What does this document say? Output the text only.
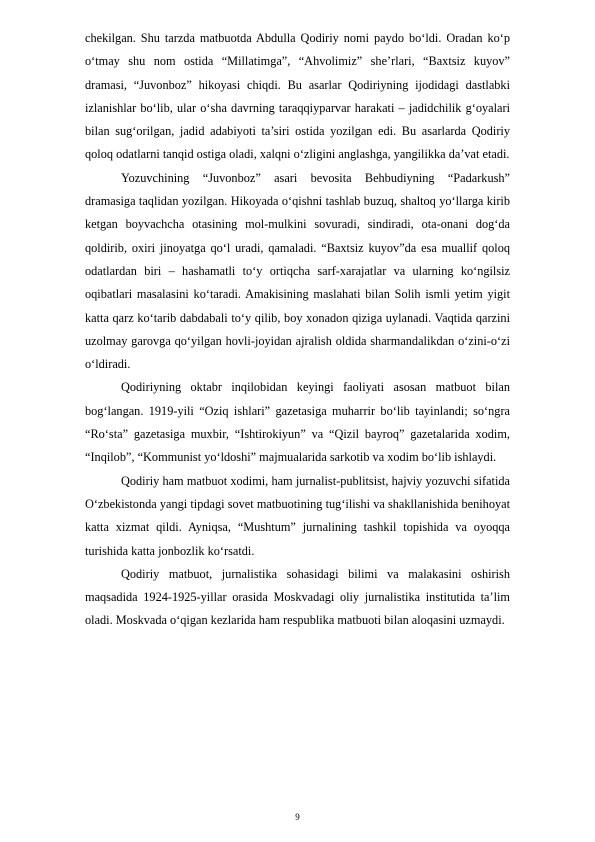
chekilgan. Shu tarzda matbuotda Abdulla Qodiriy nomi paydo boʻldi. Oradan koʻp oʻtmay shu nom ostida “Millatimga”, “Ahvolimiz” she’rlari, “Baxtsiz kuyov” dramasi, “Juvonboz” hikoyasi chiqdi. Bu asarlar Qodiriyning ijodidagi dastlabki izlanishlar boʻlib, ular oʻsha davrning taraqqiyparvar harakati – jadidchilik gʻoyalari bilan sugʻorilgan, jadid adabiyoti ta’siri ostida yozilgan edi. Bu asarlarda Qodiriy qoloq odatlarni tanqid ostiga oladi, xalqni oʻzligini anglashga, yangilikka da’vat etadi.

Yozuvchining “Juvonboz” asari bevosita Behbudiyning “Padarkush” dramasiga taqlidan yozilgan. Hikoyada oʻqishni tashlab buzuq, shaltoq yoʻllarga kirib ketgan boyvachcha otasining mol-mulkini sovuradi, sindiradi, ota-onani dogʻda qoldirib, oxiri jinoyatga qoʻl uradi, qamaladi. “Baxtsiz kuyov”da esa muallif qoloq odatlardan biri – hashamatli toʻy ortiqcha sarf-xarajatlar va ularning koʻngilsiz oqibatlari masalasini koʻtaradi. Amakisining maslahati bilan Solih ismli yetim yigit katta qarz koʻtarib dabdabali toʻy qilib, boy xonadon qiziga uylanadi. Vaqtida qarzini uzolmay garovga qoʻyilgan hovli-joyidan ajralish oldida sharmandalikdan oʻzini-oʻzi oʻldiradi.

Qodiriyning oktabr inqilobidan keyingi faoliyati asosan matbuot bilan bogʻlangan. 1919-yili “Oziq ishlari” gazetasiga muharrir boʻlib tayinlandi; soʻngra “Roʻsta” gazetasiga muxbir, “Ishtirokiyun” va “Qizil bayroq” gazetalarida xodim, “Inqilob”, “Kommunist yoʻldoshi” majmualarida sarkotib va xodim boʻlib ishlaydi.

Qodiriy ham matbuot xodimi, ham jurnalist-publitsist, hajviy yozuvchi sifatida Oʻzbekistonda yangi tipdagi sovet matbuotining tugʻilishi va shakllanishida benihoyat katta xizmat qildi. Ayniqsa, “Mushtum” jurnalining tashkil topishida va oyoqqa turishida katta jonbozlik koʻrsatdi.

Qodiriy matbuot, jurnalistika sohasidagi bilimi va malakasini oshirish maqsadida 1924-1925-yillar orasida Moskvadagi oliy jurnalistika institutida ta’lim oladi. Moskvada oʻqigan kezlarida ham respublika matbuoti bilan aloqasini uzmaydi.

9
